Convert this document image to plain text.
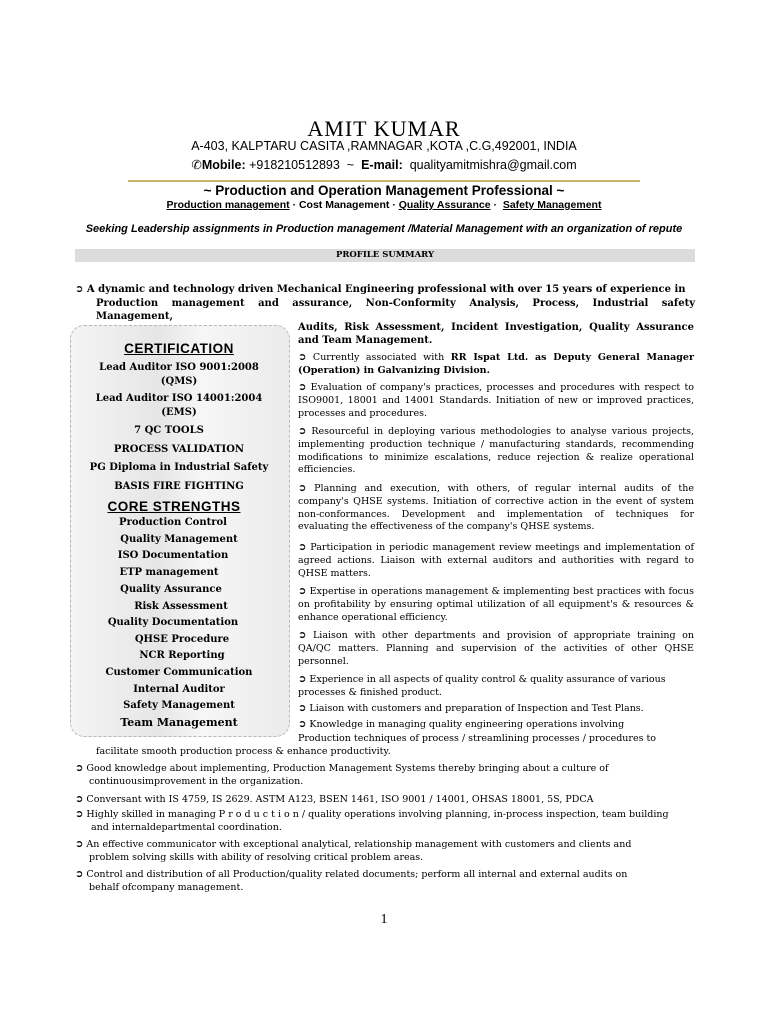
AMIT KUMAR
A-403, KALPTARU CASITA ,RAMNAGAR ,KOTA ,C.G,492001, INDIA
✆Mobile: +918210512893 ~ E-mail: qualityamitmishra@gmail.com
~ Production and Operation Management Professional ~
Production management · Cost Management · Quality Assurance · Safety Management
Seeking Leadership assignments in Production management /Material Management with an organization of repute
PROFILE SUMMARY
➲ A dynamic and technology driven Mechanical Engineering professional with over 15 years of experience in
Production management and assurance, Non-Conformity Analysis, Process, Industrial safety Management,
CERTIFICATION
Lead Auditor ISO 9001:2008
(QMS)
Lead Auditor ISO 14001:2004
(EMS)
7 QC TOOLS
PROCESS VALIDATION
PG Diploma in Industrial Safety
BASIS FIRE FIGHTING
CORE STRENGTHS
Production Control
Quality Management
ISO Documentation
ETP management
Quality Assurance
Risk Assessment
Quality Documentation
QHSE Procedure
NCR Reporting
Customer Communication
Internal Auditor
Safety Management
Team Management
Audits, Risk Assessment, Incident Investigation, Quality Assurance and Team Management.
➲ Currently associated with RR Ispat Ltd. as Deputy General Manager (Operation) in Galvanizing Division.
➲ Evaluation of company's practices, processes and procedures with respect to ISO9001, 18001 and 14001 Standards. Initiation of new or improved practices, processes and procedures.
➲ Resourceful in deploying various methodologies to analyse various projects, implementing production technique / manufacturing standards, recommending modifications to minimize escalations, reduce rejection & realize operational efficiencies.
➲ Planning and execution, with others, of regular internal audits of the company's QHSE systems. Initiation of corrective action in the event of system non-conformances. Development and implementation of techniques for evaluating the effectiveness of the company's QHSE systems.
➲ Participation in periodic management review meetings and implementation of agreed actions. Liaison with external auditors and authorities with regard to QHSE matters.
➲ Expertise in operations management & implementing best practices with focus on profitability by ensuring optimal utilization of all equipment's & resources & enhance operational efficiency.
➲ Liaison with other departments and provision of appropriate training on QA/QC matters. Planning and supervision of the activities of other QHSE personnel.
➲ Experience in all aspects of quality control & quality assurance of various processes & finished product.
➲ Liaison with customers and preparation of Inspection and Test Plans.
➲ Knowledge in managing quality engineering operations involving
Production techniques of process / streamlining processes / procedures to
facilitate smooth production process & enhance productivity.
➲ Good knowledge about implementing, Production Management Systems thereby bringing about a culture of
continuousimprovement in the organization.
➲ Conversant with IS 4759, IS 2629. ASTM A123, BSEN 1461, ISO 9001 / 14001, OHSAS 18001, 5S, PDCA
➲ Highly skilled in managing P r o d u c t i o n / quality operations involving planning, in-process inspection, team building
and internaldepartmental coordination.
➲ An effective communicator with exceptional analytical, relationship management with customers and clients and
problem solving skills with ability of resolving critical problem areas.
➲ Control and distribution of all Production/quality related documents; perform all internal and external audits on
behalf ofcompany management.
1
